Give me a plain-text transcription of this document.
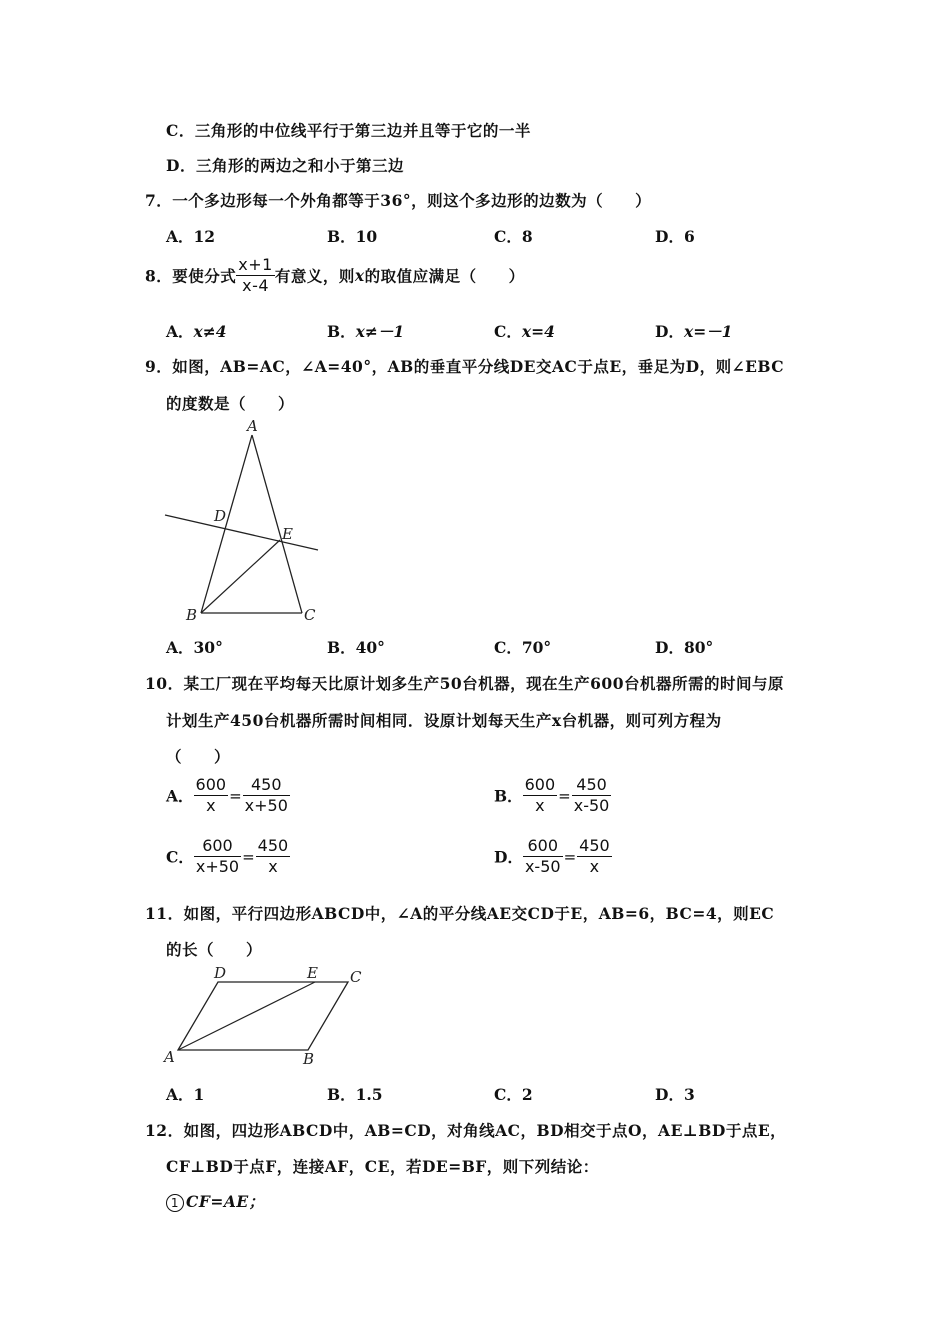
C．三角形的中位线平行于第三边并且等于它的一半
D．三角形的两边之和小于第三边
7．一个多边形每一个外角都等于36°，则这个多边形的边数为（　　）
A．12	B．10	C．8	D．6
8．要使分式 $\frac{x+1}{x-4}$ 有意义，则x的取值应满足（　　）
A．x≠4	B．x≠－1	C．x=4	D．x=－1
9．如图，AB=AC，∠A=40°，AB的垂直平分线DE交AC于点E，垂足为D，则∠EBC
的度数是（　　）
A
D
E
B	C
A．30°	B．40°	C．70°	D．80°
10．某工厂现在平均每天比原计划多生产50台机器，现在生产600台机器所需的时间与原
计划生产450台机器所需时间相同．设原计划每天生产x台机器，则可列方程为
（　　）
A． $\frac{600}{x} = \frac{450}{x+50}$	B． $\frac{600}{x} = \frac{450}{x-50}$
C． $\frac{600}{x+50} = \frac{450}{x}$	D． $\frac{600}{x-50} = \frac{450}{x}$
11．如图，平行四边形ABCD中，∠A的平分线AE交CD于E，AB=6，BC=4，则EC
的长（　　）
A	B
C
D	E
A．1	B．1.5	C．2	D．3
12．如图，四边形ABCD中，AB=CD，对角线AC，BD相交于点O，AE⊥BD于点E，
CF⊥BD于点F，连接AF，CE，若DE=BF，则下列结论：
1 CF=AE；
